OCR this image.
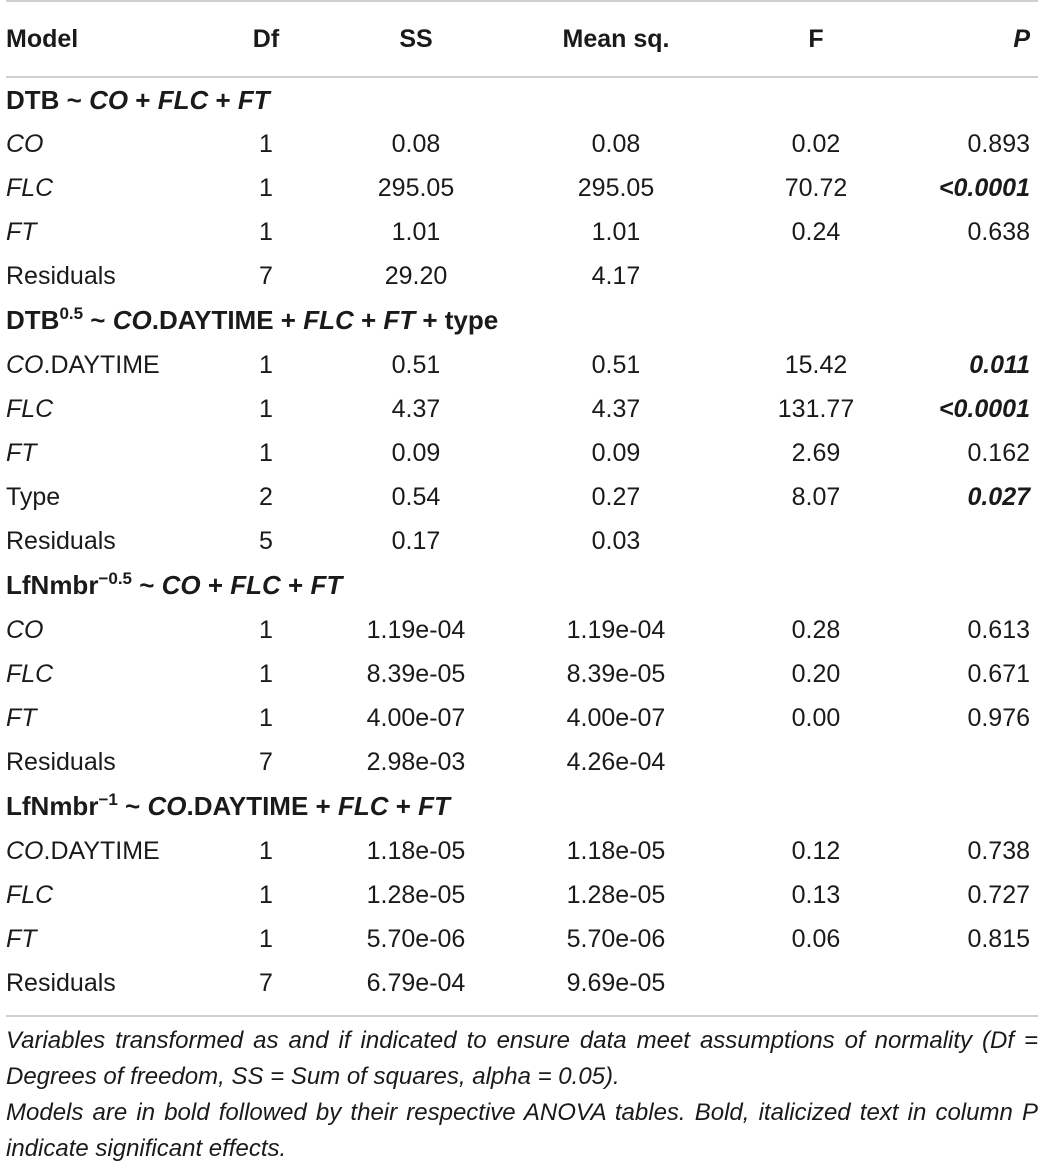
Model	Df	SS	Mean sq.	F	P
DTB ~ CO + FLC + FT					
CO	1	0.08	0.08	0.02	0.893
FLC	1	295.05	295.05	70.72	<0.0001
FT	1	1.01	1.01	0.24	0.638
Residuals	7	29.20	4.17		
$DTB^{0.5}$ ~ CO.DAYTIME + FLC + FT + type					
CO.DAYTIME	1	0.51	0.51	15.42	0.011
FLC	1	4.37	4.37	131.77	<0.0001
FT	1	0.09	0.09	2.69	0.162
Type	2	0.54	0.27	8.07	0.027
Residuals	5	0.17	0.03		
LfNmbr$^{-0.5}$ ~ CO + FLC + FT					
CO	1	1.19e-04	1.19e-04	0.28	0.613
FLC	1	8.39e-05	8.39e-05	0.20	0.671
FT	1	4.00e-07	4.00e-07	0.00	0.976
Residuals	7	2.98e-03	4.26e-04		
LfNmbr$^{-1}$ ~ CO.DAYTIME + FLC + FT					
CO.DAYTIME	1	1.18e-05	1.18e-05	0.12	0.738
FLC	1	1.28e-05	1.28e-05	0.13	0.727
FT	1	5.70e-06	5.70e-06	0.06	0.815
Residuals	7	6.79e-04	9.69e-05		

Variables transformed as and if indicated to ensure data meet assumptions of normality (Df = Degrees of freedom, SS = Sum of squares, alpha = 0.05).

Models are in bold followed by their respective ANOVA tables. Bold, italicized text in column P indicate significant effects.
